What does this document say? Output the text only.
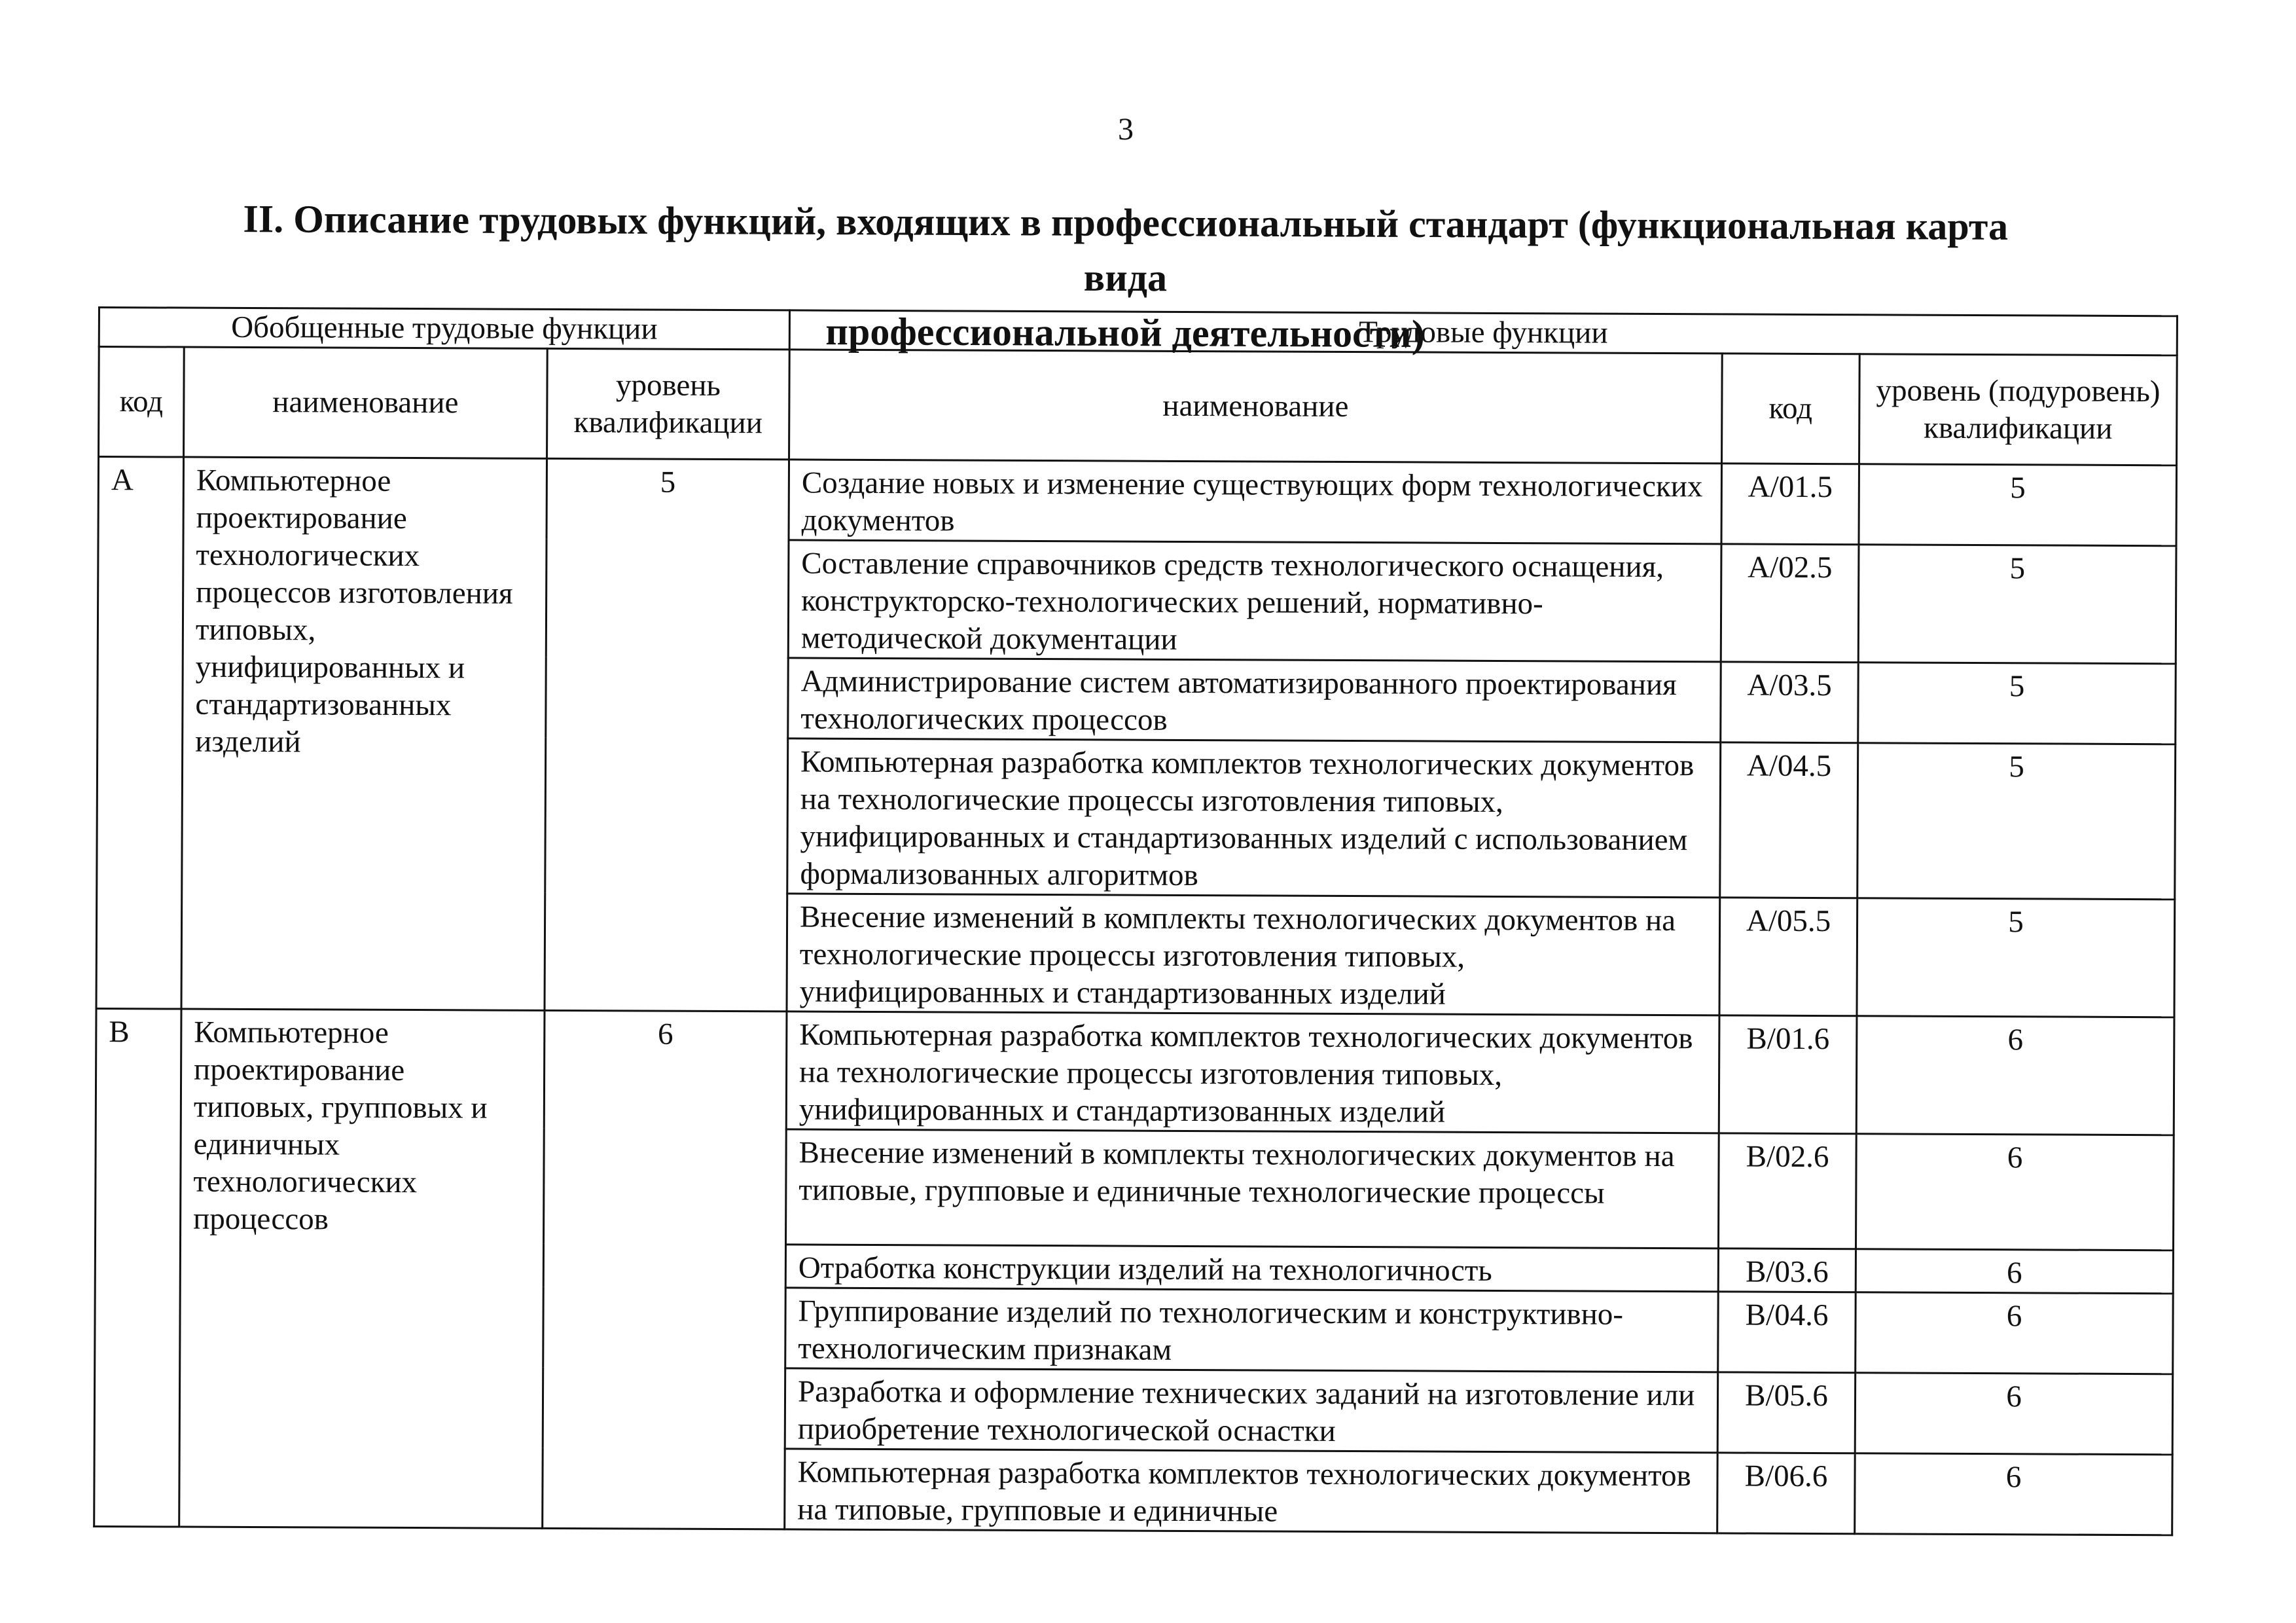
3
II. Описание трудовых функций, входящих в профессиональный стандарт (функциональная карта вида
профессиональной деятельности)
Обобщенные трудовые функции			Трудовые функции		
код	наименование	уровень квалификации	наименование	код	уровень (подуровень) квалификации
A	Компьютерное проектирование технологических процессов изготовления типовых, унифицированных и стандартизованных изделий	5	Создание новых и изменение существующих форм технологических документов	A/01.5	5
			Составление справочников средств технологического оснащения, конструкторско-технологических решений, нормативно-методической документации	A/02.5	5
			Администрирование систем автоматизированного проектирования технологических процессов	A/03.5	5
			Компьютерная разработка комплектов технологических документов на технологические процессы изготовления типовых, унифицированных и стандартизованных изделий с использованием формализованных алгоритмов	A/04.5	5
			Внесение изменений в комплекты технологических документов на технологические процессы изготовления типовых, унифицированных и стандартизованных изделий	A/05.5	5
B	Компьютерное проектирование типовых, групповых и единичных технологических процессов	6	Компьютерная разработка комплектов технологических документов на технологические процессы изготовления типовых, унифицированных и стандартизованных изделий	B/01.6	6
			Внесение изменений в комплекты технологических документов на типовые, групповые и единичные технологические процессы	B/02.6	6
			Отработка конструкции изделий на технологичность	B/03.6	6
			Группирование изделий по технологическим и конструктивно-технологическим признакам	B/04.6	6
			Разработка и оформление технических заданий на изготовление или приобретение технологической оснастки	B/05.6	6
			Компьютерная разработка комплектов технологических документов на типовые, групповые и единичные	B/06.6	6
